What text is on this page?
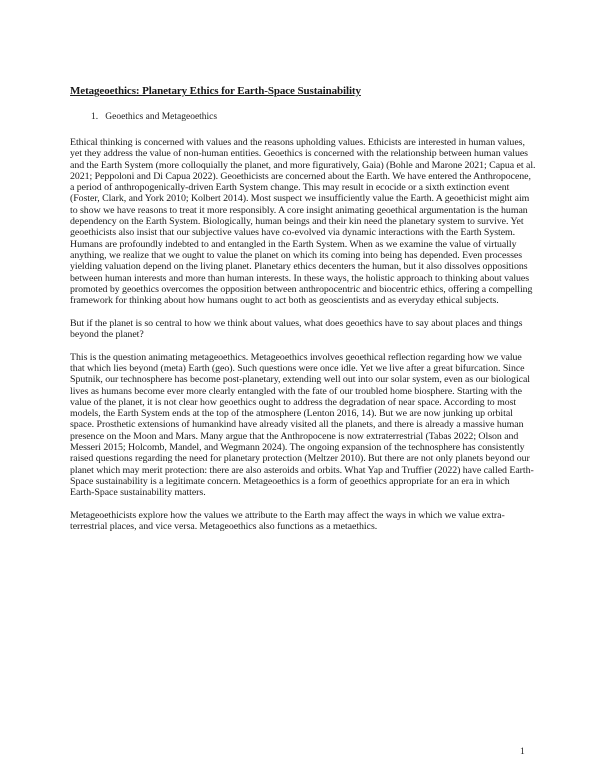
Metageoethics: Planetary Ethics for Earth-Space Sustainability
1. Geoethics and Metageoethics

Ethical thinking is concerned with values and the reasons upholding values. Ethicists are interested in human values, yet they address the value of non-human entities. Geoethics is concerned with the relationship between human values and the Earth System (more colloquially the planet, and more figuratively, Gaia) (Bohle and Marone 2021; Capua et al. 2021; Peppoloni and Di Capua 2022). Geoethicists are concerned about the Earth. We have entered the Anthropocene, a period of anthropogenically-driven Earth System change. This may result in ecocide or a sixth extinction event (Foster, Clark, and York 2010; Kolbert 2014). Most suspect we insufficiently value the Earth. A geoethicist might aim to show we have reasons to treat it more responsibly. A core insight animating geoethical argumentation is the human dependency on the Earth System. Biologically, human beings and their kin need the planetary system to survive. Yet geoethicists also insist that our subjective values have co-evolved via dynamic interactions with the Earth System. Humans are profoundly indebted to and entangled in the Earth System. When as we examine the value of virtually anything, we realize that we ought to value the planet on which its coming into being has depended. Even processes yielding valuation depend on the living planet. Planetary ethics decenters the human, but it also dissolves oppositions between human interests and more than human interests. In these ways, the holistic approach to thinking about values promoted by geoethics overcomes the opposition between anthropocentric and biocentric ethics, offering a compelling framework for thinking about how humans ought to act both as geoscientists and as everyday ethical subjects.

But if the planet is so central to how we think about values, what does geoethics have to say about places and things beyond the planet?

This is the question animating metageoethics. Metageoethics involves geoethical reflection regarding how we value that which lies beyond (meta) Earth (geo). Such questions were once idle. Yet we live after a great bifurcation. Since Sputnik, our technosphere has become post-planetary, extending well out into our solar system, even as our biological lives as humans become ever more clearly entangled with the fate of our troubled home biosphere. Starting with the value of the planet, it is not clear how geoethics ought to address the degradation of near space. According to most models, the Earth System ends at the top of the atmosphere (Lenton 2016, 14). But we are now junking up orbital space. Prosthetic extensions of humankind have already visited all the planets, and there is already a massive human presence on the Moon and Mars. Many argue that the Anthropocene is now extraterrestrial (Tabas 2022; Olson and Messeri 2015; Holcomb, Mandel, and Wegmann 2024). The ongoing expansion of the technosphere has consistently raised questions regarding the need for planetary protection (Meltzer 2010). But there are not only planets beyond our planet which may merit protection: there are also asteroids and orbits. What Yap and Truffier (2022) have called Earth-Space sustainability is a legitimate concern. Metageoethics is a form of geoethics appropriate for an era in which Earth-Space sustainability matters.

Metageoethicists explore how the values we attribute to the Earth may affect the ways in which we value extra-terrestrial places, and vice versa. Metageoethics also functions as a metaethics.

1
